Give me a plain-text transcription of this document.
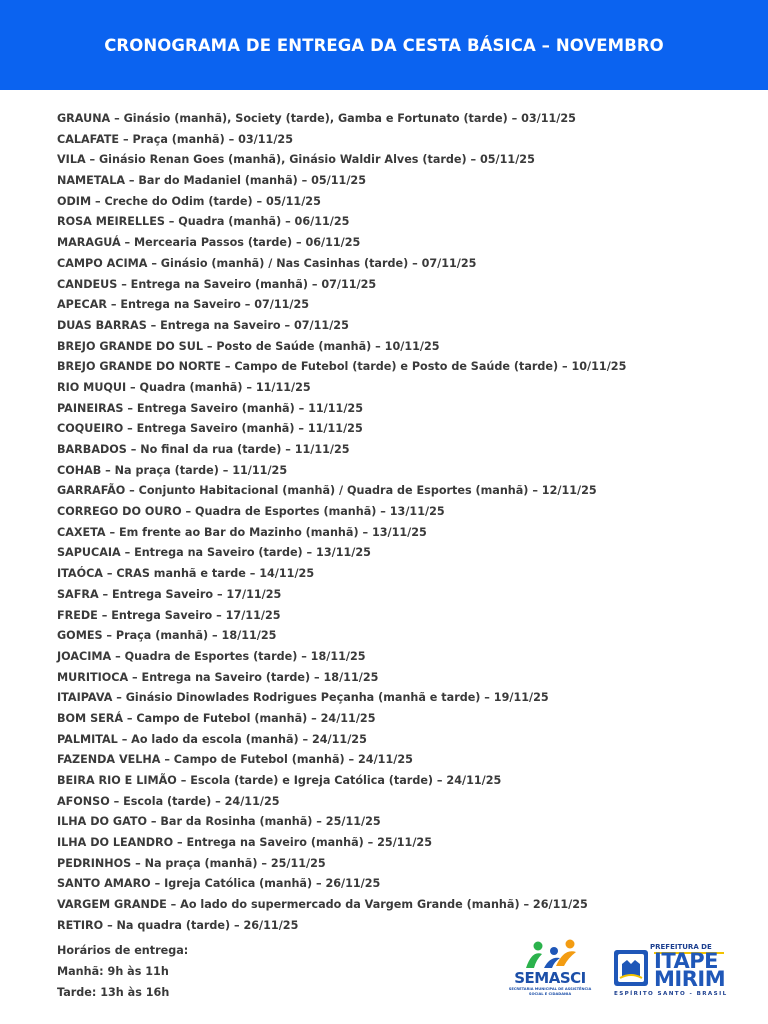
CRONOGRAMA DE ENTREGA DA CESTA BÁSICA – NOVEMBRO
GRAUNA – Ginásio (manhã), Society (tarde), Gamba e Fortunato (tarde) – 03/11/25
CALAFATE – Praça (manhã) – 03/11/25
VILA – Ginásio Renan Goes (manhã), Ginásio Waldir Alves (tarde) – 05/11/25
NAMETALA – Bar do Madaniel (manhã) – 05/11/25
ODIM – Creche do Odim (tarde) – 05/11/25
ROSA MEIRELLES – Quadra (manhã) – 06/11/25
MARAGUÁ – Mercearia Passos (tarde) – 06/11/25
CAMPO ACIMA – Ginásio (manhã) / Nas Casinhas (tarde) – 07/11/25
CANDEUS – Entrega na Saveiro (manhã) – 07/11/25
APECAR – Entrega na Saveiro – 07/11/25
DUAS BARRAS – Entrega na Saveiro – 07/11/25
BREJO GRANDE DO SUL – Posto de Saúde (manhã) – 10/11/25
BREJO GRANDE DO NORTE – Campo de Futebol (tarde) e Posto de Saúde (tarde) – 10/11/25
RIO MUQUI – Quadra (manhã) – 11/11/25
PAINEIRAS – Entrega Saveiro (manhã) – 11/11/25
COQUEIRO – Entrega Saveiro (manhã) – 11/11/25
BARBADOS – No final da rua (tarde) – 11/11/25
COHAB – Na praça (tarde) – 11/11/25
GARRAFÃO – Conjunto Habitacional (manhã) / Quadra de Esportes (manhã) – 12/11/25
CORREGO DO OURO – Quadra de Esportes (manhã) – 13/11/25
CAXETA – Em frente ao Bar do Mazinho (manhã) – 13/11/25
SAPUCAIA – Entrega na Saveiro (tarde) – 13/11/25
ITAÓCA – CRAS manhã e tarde – 14/11/25
SAFRA – Entrega Saveiro – 17/11/25
FREDE – Entrega Saveiro – 17/11/25
GOMES – Praça (manhã) – 18/11/25
JOACIMA – Quadra de Esportes (tarde) – 18/11/25
MURITIOCA – Entrega na Saveiro (tarde) – 18/11/25
ITAIPAVA – Ginásio Dinowlades Rodrigues Peçanha (manhã e tarde) – 19/11/25
BOM SERÁ – Campo de Futebol (manhã) – 24/11/25
PALMITAL – Ao lado da escola (manhã) – 24/11/25
FAZENDA VELHA – Campo de Futebol (manhã) – 24/11/25
BEIRA RIO E LIMÃO – Escola (tarde) e Igreja Católica (tarde) – 24/11/25
AFONSO – Escola (tarde) – 24/11/25
ILHA DO GATO – Bar da Rosinha (manhã) – 25/11/25
ILHA DO LEANDRO – Entrega na Saveiro (manhã) – 25/11/25
PEDRINHOS – Na praça (manhã) – 25/11/25
SANTO AMARO – Igreja Católica (manhã) – 26/11/25
VARGEM GRANDE – Ao lado do supermercado da Vargem Grande (manhã) – 26/11/25
RETIRO – Na quadra (tarde) – 26/11/25
Horários de entrega:
Manhã: 9h às 11h
Tarde: 13h às 16h
SEMASCI
SECRETARIA MUNICIPAL DE ASSISTÊNCIA SOCIAL E CIDADANIA
PREFEITURA DE
ITAPE
MIRIM
ESPÍRITO SANTO - BRASIL
